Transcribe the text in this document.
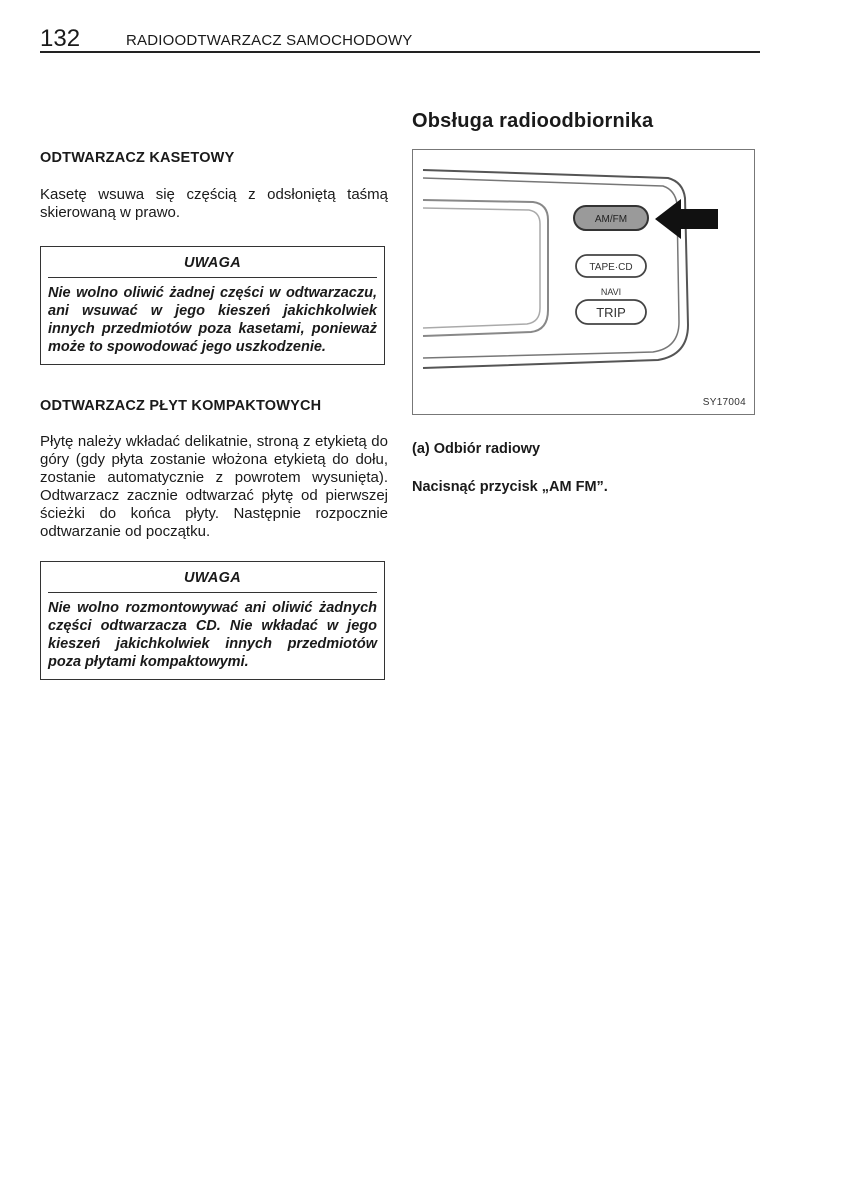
132	RADIOODTWARZACZ SAMOCHODOWY
ODTWARZACZ KASETOWY

Kasetę wsuwa się częścią z odsłoniętą taśmą skierowaną w prawo.

UWAGA
Nie wolno oliwić żadnej części w odtwarzaczu, ani wsuwać w jego kieszeń jakichkolwiek innych przedmiotów poza kasetami, ponieważ może to spowodować jego uszkodzenie.
ODTWARZACZ PŁYT KOMPAKTOWYCH

Płytę należy wkładać delikatnie, stroną z etykietą do góry (gdy płyta zostanie włożona etykietą do dołu, zostanie automatycznie z powrotem wysunięta). Odtwarzacz zacznie odtwarzać płytę od pierwszej ścieżki do końca płyty. Następnie rozpocznie odtwarzanie od początku.

UWAGA
Nie wolno rozmontowywać ani oliwić żadnych części odtwarzacza CD. Nie wkładać w jego kieszeń jakichkolwiek innych przedmiotów poza płytami kompaktowymi.
Obsługa radioodbiornika
AM/FM
TAPE·CD
NAVI
TRIP
SY17004
(a) Odbiór radiowy
Nacisnąć przycisk „AM FM”.
